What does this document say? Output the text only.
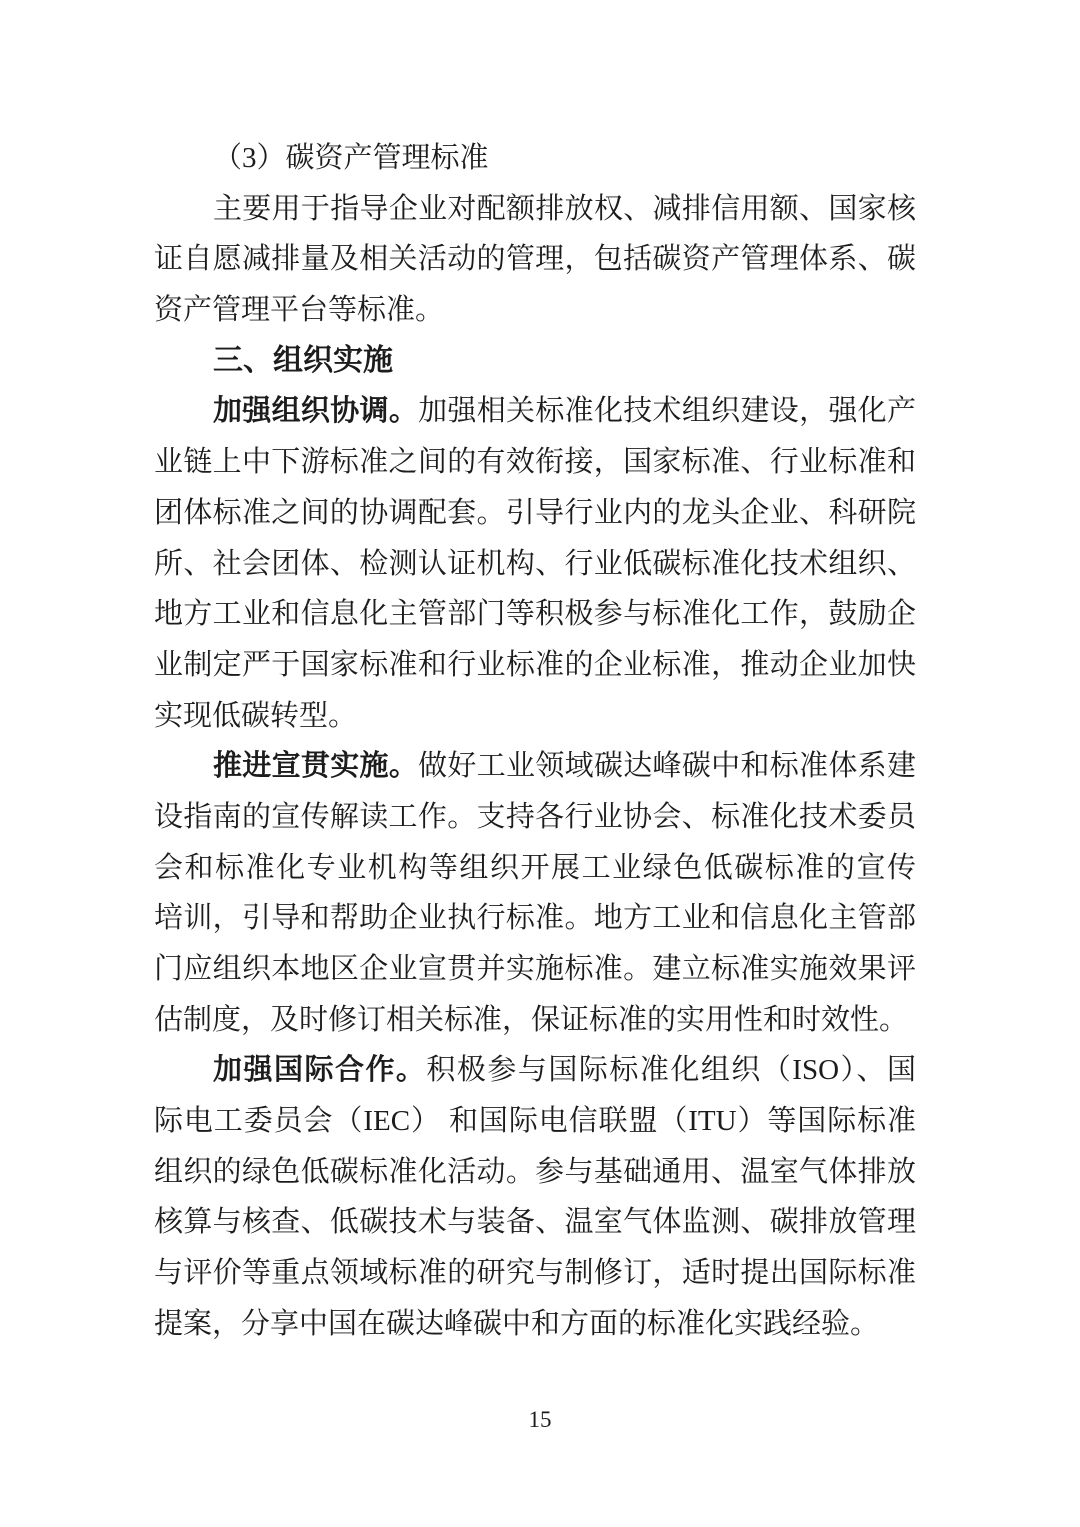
（3）碳资产管理标准
主要用于指导企业对配额排放权、减排信用额、国家核
证自愿减排量及相关活动的管理，包括碳资产管理体系、碳
资产管理平台等标准。
三、组织实施
加强组织协调。加强相关标准化技术组织建设，强化产
业链上中下游标准之间的有效衔接，国家标准、行业标准和
团体标准之间的协调配套。引导行业内的龙头企业、科研院
所、社会团体、检测认证机构、行业低碳标准化技术组织、
地方工业和信息化主管部门等积极参与标准化工作，鼓励企
业制定严于国家标准和行业标准的企业标准，推动企业加快
实现低碳转型。
推进宣贯实施。做好工业领域碳达峰碳中和标准体系建
设指南的宣传解读工作。支持各行业协会、标准化技术委员
会和标准化专业机构等组织开展工业绿色低碳标准的宣传
培训，引导和帮助企业执行标准。地方工业和信息化主管部
门应组织本地区企业宣贯并实施标准。建立标准实施效果评
估制度，及时修订相关标准，保证标准的实用性和时效性。
加强国际合作。积极参与国际标准化组织（ISO）、国
际电工委员会（IEC） 和国际电信联盟（ITU）等国际标准
组织的绿色低碳标准化活动。参与基础通用、温室气体排放
核算与核查、低碳技术与装备、温室气体监测、碳排放管理
与评价等重点领域标准的研究与制修订，适时提出国际标准
提案，分享中国在碳达峰碳中和方面的标准化实践经验。
15
